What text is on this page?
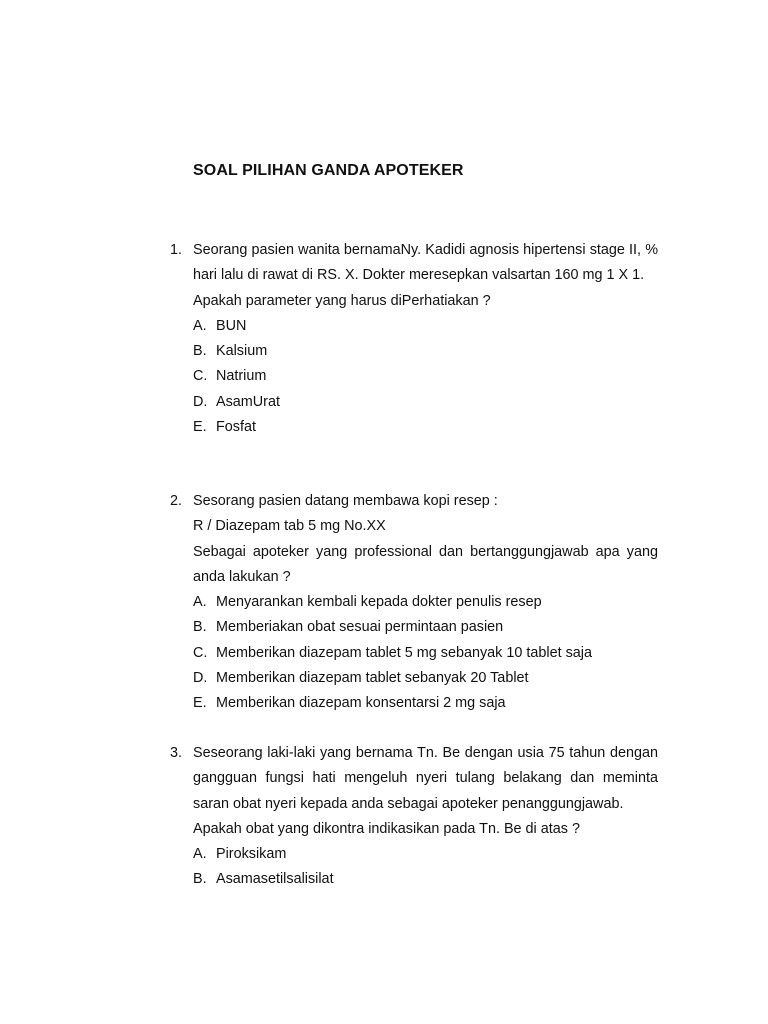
SOAL PILIHAN GANDA APOTEKER
1. Seorang pasien wanita bernamaNy. Kadidi agnosis hipertensi stage II, % hari lalu di rawat di RS. X. Dokter meresepkan valsartan 160 mg 1 X 1.
Apakah parameter yang harus diPerhatiakan ?
A. BUN
B. Kalsium
C. Natrium
D. AsamUrat
E. Fosfat
2. Sesorang pasien datang membawa kopi resep :
R / Diazepam tab 5 mg No.XX
Sebagai apoteker yang professional dan bertanggungjawab apa yang anda lakukan ?
A. Menyarankan kembali kepada dokter penulis resep
B. Memberiakan obat sesuai permintaan pasien
C. Memberikan diazepam tablet 5 mg sebanyak 10 tablet saja
D. Memberikan diazepam tablet sebanyak 20 Tablet
E. Memberikan diazepam konsentarsi 2 mg saja
3. Seseorang laki-laki yang bernama Tn. Be dengan usia 75 tahun dengan gangguan fungsi hati mengeluh nyeri tulang belakang dan meminta saran obat nyeri kepada anda sebagai apoteker penanggungjawab.
Apakah obat yang dikontra indikasikan pada Tn. Be di atas ?
A. Piroksikam
B. Asamasetilsalisilat
